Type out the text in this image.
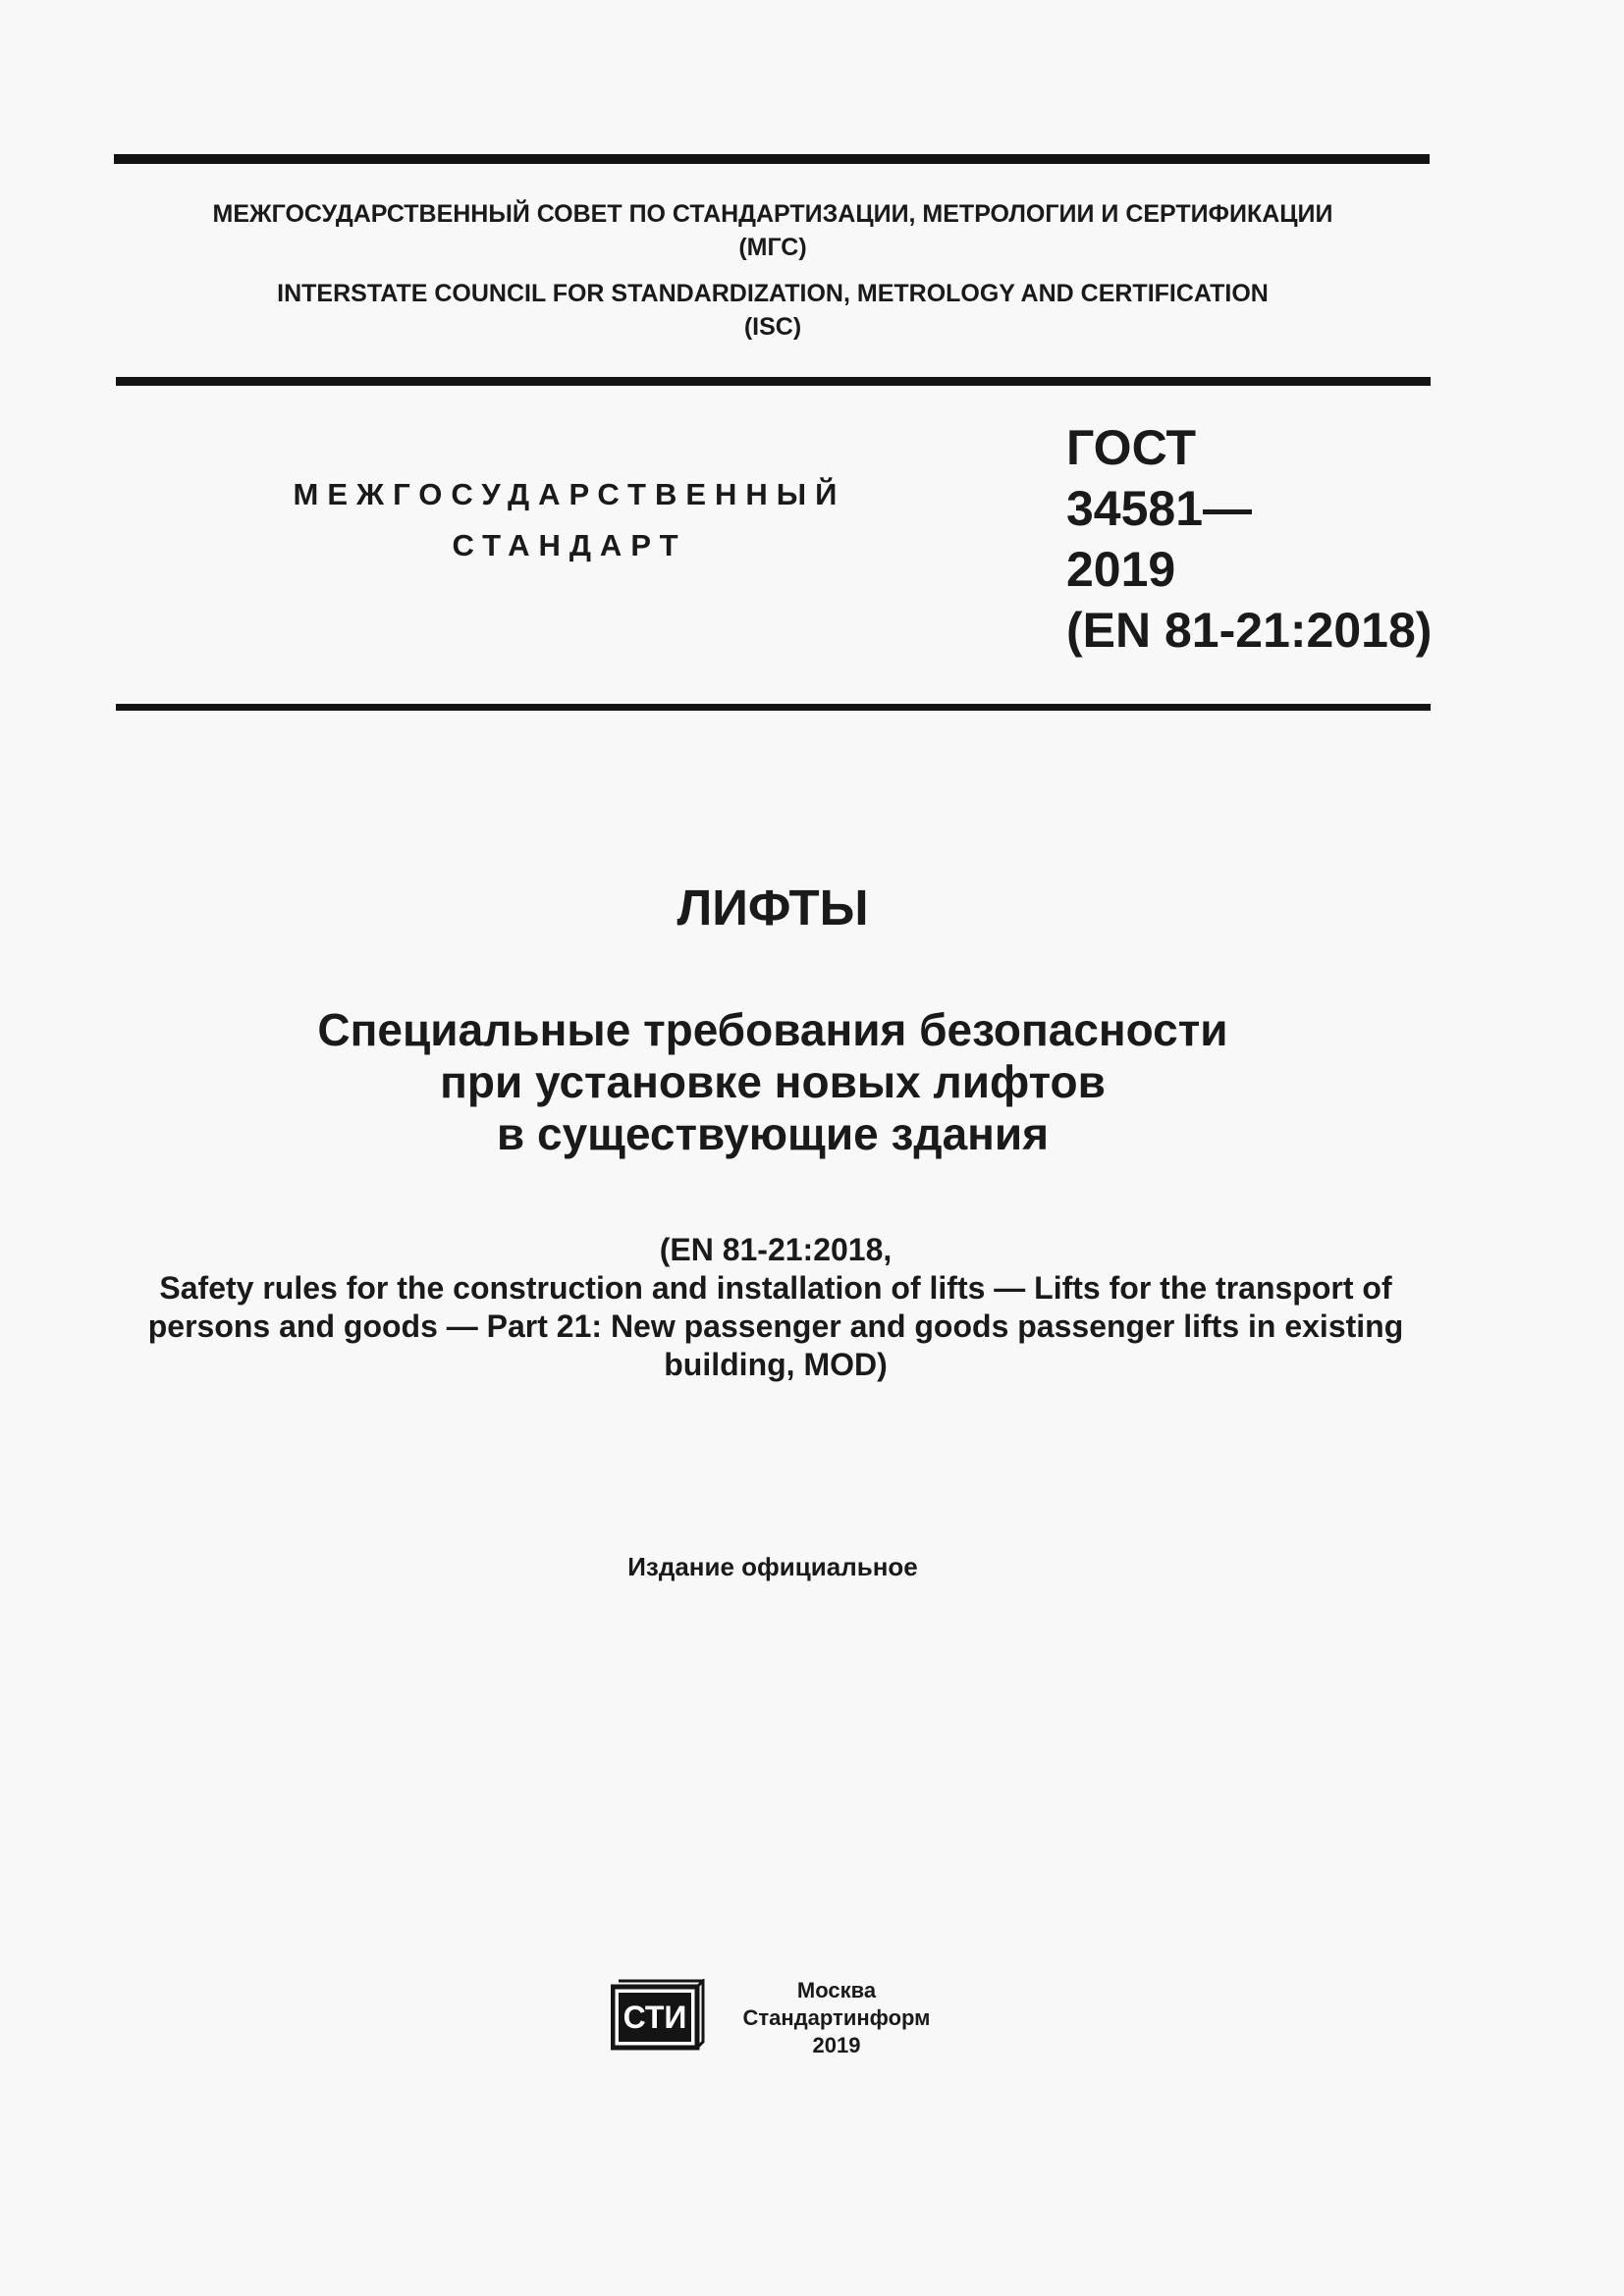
МЕЖГОСУДАРСТВЕННЫЙ СОВЕТ ПО СТАНДАРТИЗАЦИИ, МЕТРОЛОГИИ И СЕРТИФИКАЦИИ
(МГС)
INTERSTATE COUNCIL FOR STANDARDIZATION, METROLOGY AND CERTIFICATION
(ISC)
МЕЖГОСУДАРСТВЕННЫЙ
СТАНДАРТ
ГОСТ
34581—
2019
(EN 81-21:2018)
ЛИФТЫ
Специальные требования безопасности
при установке новых лифтов
в существующие здания
(EN 81-21:2018,
Safety rules for the construction and installation of lifts — Lifts for the transport of
persons and goods — Part 21: New passenger and goods passenger lifts in existing
building, MOD)
Издание официальное
СТИ
Москва
Стандартинформ
2019
